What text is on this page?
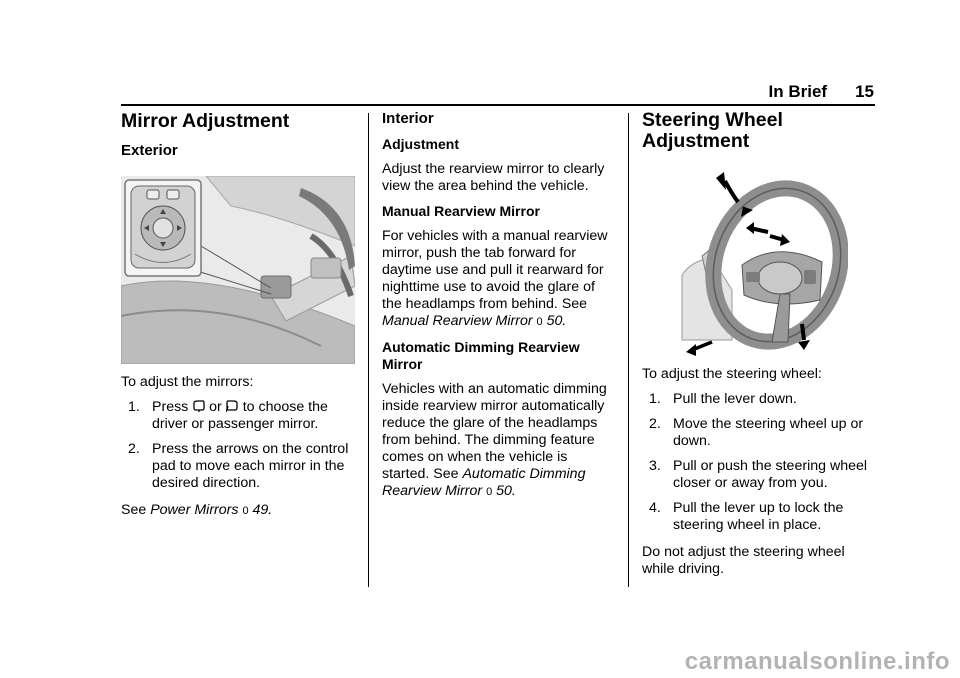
In Brief 15
Mirror Adjustment
Exterior

To adjust the mirrors:

1. Press or to choose the
driver or passenger mirror.
2. Press the arrows on the control pad to move each mirror in the desired direction.

See Power Mirrors 0 49.

Interior
Adjustment

Adjust the rearview mirror to clearly view the area behind the vehicle.

Manual Rearview Mirror

For vehicles with a manual rearview mirror, push the tab forward for daytime use and pull it rearward for nighttime use to avoid the glare of the headlamps from behind. See
Manual Rearview Mirror 0 50.

Automatic Dimming Rearview Mirror

Vehicles with an automatic dimming inside rearview mirror automatically reduce the glare of the headlamps from behind. The dimming feature comes on when the vehicle is started. See Automatic Dimming Rearview Mirror 0 50.

Steering Wheel Adjustment

To adjust the steering wheel:

1. Pull the lever down.
2. Move the steering wheel up or down.
3. Pull or push the steering wheel closer or away from you.
4. Pull the lever up to lock the steering wheel in place.

Do not adjust the steering wheel while driving.

carmanualsonline.info
